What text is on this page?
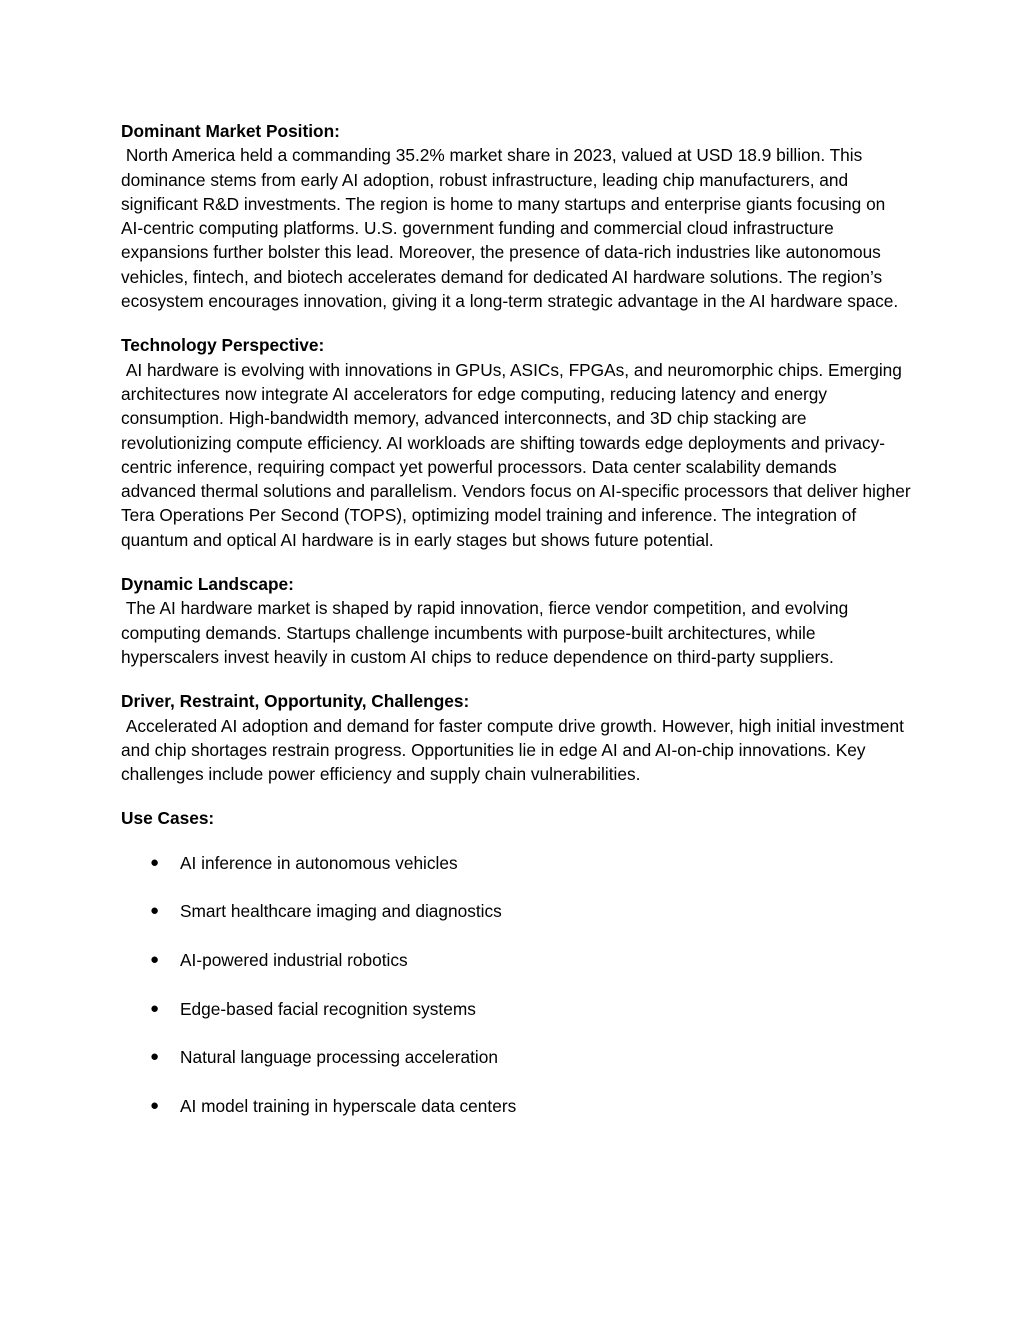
Dominant Market Position:
North America held a commanding 35.2% market share in 2023, valued at USD 18.9 billion. This dominance stems from early AI adoption, robust infrastructure, leading chip manufacturers, and significant R&D investments. The region is home to many startups and enterprise giants focusing on AI-centric computing platforms. U.S. government funding and commercial cloud infrastructure expansions further bolster this lead. Moreover, the presence of data-rich industries like autonomous vehicles, fintech, and biotech accelerates demand for dedicated AI hardware solutions. The region’s ecosystem encourages innovation, giving it a long-term strategic advantage in the AI hardware space.
Technology Perspective:
AI hardware is evolving with innovations in GPUs, ASICs, FPGAs, and neuromorphic chips. Emerging architectures now integrate AI accelerators for edge computing, reducing latency and energy consumption. High-bandwidth memory, advanced interconnects, and 3D chip stacking are revolutionizing compute efficiency. AI workloads are shifting towards edge deployments and privacy-centric inference, requiring compact yet powerful processors. Data center scalability demands advanced thermal solutions and parallelism. Vendors focus on AI-specific processors that deliver higher Tera Operations Per Second (TOPS), optimizing model training and inference. The integration of quantum and optical AI hardware is in early stages but shows future potential.
Dynamic Landscape:
The AI hardware market is shaped by rapid innovation, fierce vendor competition, and evolving computing demands. Startups challenge incumbents with purpose-built architectures, while hyperscalers invest heavily in custom AI chips to reduce dependence on third-party suppliers.
Driver, Restraint, Opportunity, Challenges:
Accelerated AI adoption and demand for faster compute drive growth. However, high initial investment and chip shortages restrain progress. Opportunities lie in edge AI and AI-on-chip innovations. Key challenges include power efficiency and supply chain vulnerabilities.
Use Cases:
● AI inference in autonomous vehicles
● Smart healthcare imaging and diagnostics
● AI-powered industrial robotics
● Edge-based facial recognition systems
● Natural language processing acceleration
● AI model training in hyperscale data centers
